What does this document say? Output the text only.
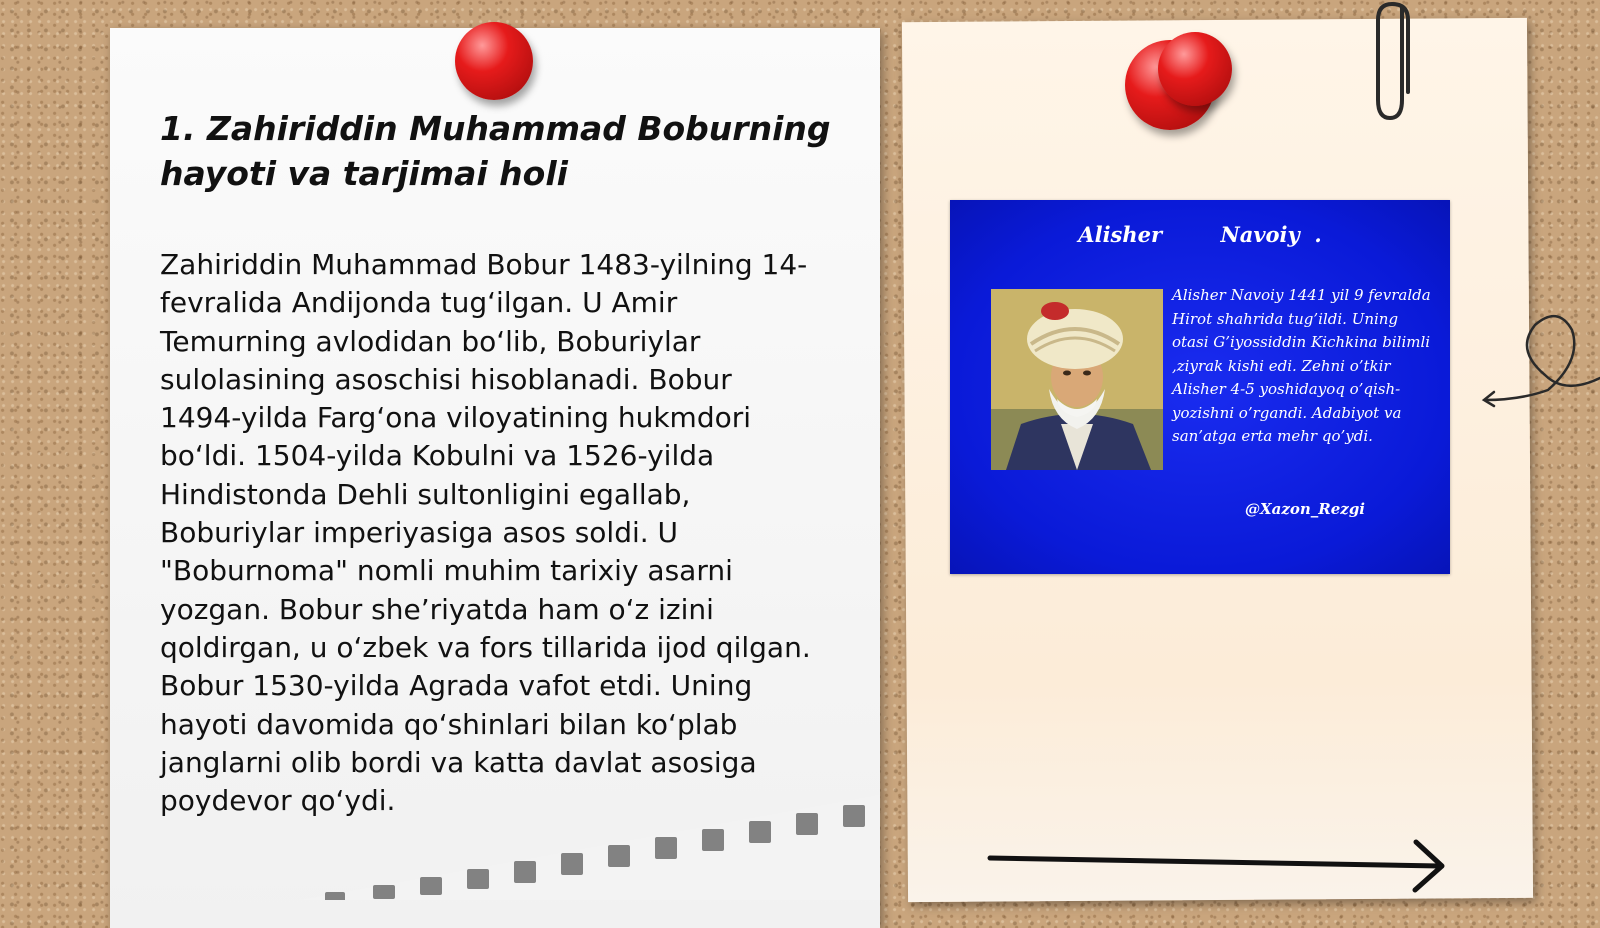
1. Zahiriddin Muhammad Boburning hayoti va tarjimai holi

Zahiriddin Muhammad Bobur 1483-yilning 14-fevralida Andijonda tug‘ilgan. U Amir Temurning avlodidan bo‘lib, Boburiylar sulolasining asoschisi hisoblanadi. Bobur 1494-yilda Farg‘ona viloyatining hukmdori bo‘ldi. 1504-yilda Kobulni va 1526-yilda Hindistonda Dehli sultonligini egallab, Boburiylar imperiyasiga asos soldi. U "Boburnoma" nomli muhim tarixiy asarni yozgan. Bobur she’riyatda ham o‘z izini qoldirgan, u o‘zbek va fors tillarida ijod qilgan. Bobur 1530-yilda Agrada vafot etdi. Uning hayoti davomida qo‘shinlari bilan ko‘plab janglarni olib bordi va katta davlat asosiga poydevor qo‘ydi.

Alisher        Navoiy  .

Alisher Navoiy 1441 yil 9 fevralda Hirot shahrida tug’ildi. Uning otasi G’iyossiddin Kichkina bilimli ,ziyrak kishi edi. Zehni o’tkir Alisher 4-5 yoshidayoq o’qish- yozishni o’rgandi. Adabiyot va san’atga erta mehr qo’ydi.

@Xazon_Rezgi
